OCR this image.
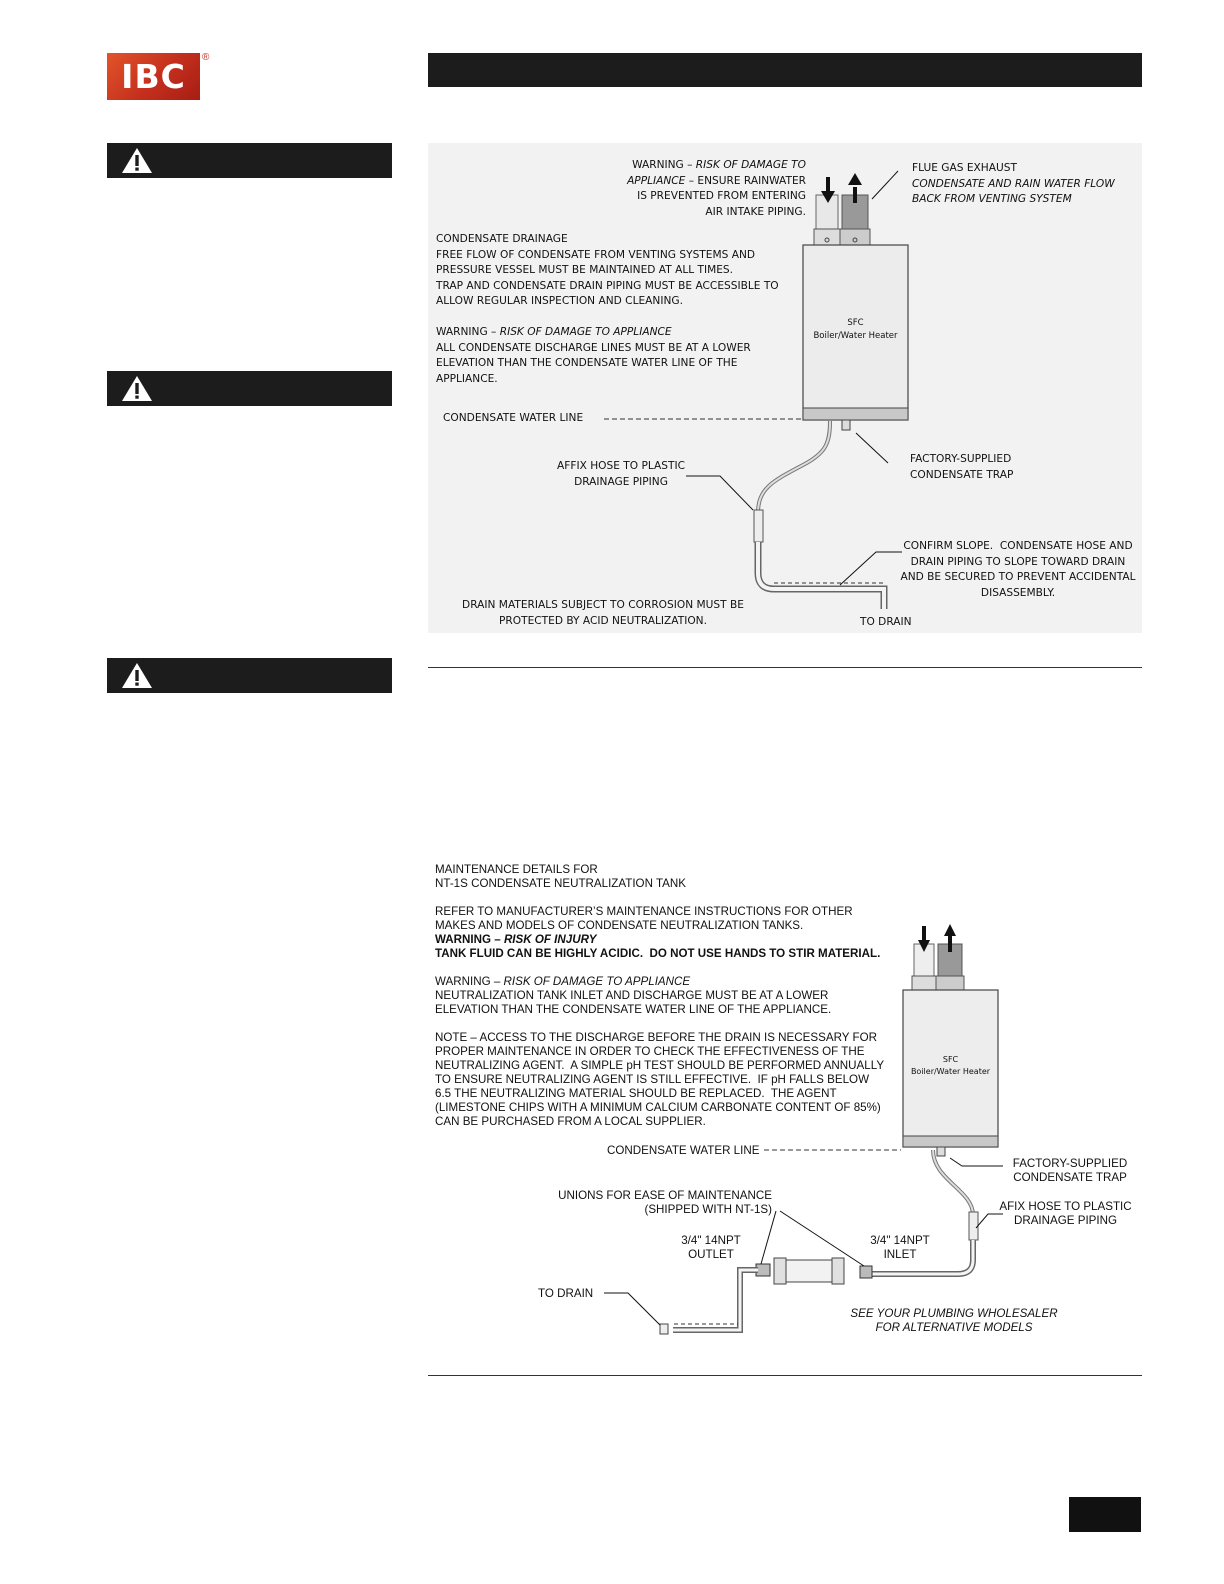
IBC ®
WARNING – RISK OF DAMAGE TO
APPLIANCE – ENSURE RAINWATER
IS PREVENTED FROM ENTERING
AIR INTAKE PIPING.
FLUE GAS EXHAUST
CONDENSATE AND RAIN WATER FLOW
BACK FROM VENTING SYSTEM
CONDENSATE DRAINAGE
FREE FLOW OF CONDENSATE FROM VENTING SYSTEMS AND
PRESSURE VESSEL MUST BE MAINTAINED AT ALL TIMES.
TRAP AND CONDENSATE DRAIN PIPING MUST BE ACCESSIBLE TO
ALLOW REGULAR INSPECTION AND CLEANING.
WARNING – RISK OF DAMAGE TO APPLIANCE
ALL CONDENSATE DISCHARGE LINES MUST BE AT A LOWER
ELEVATION THAN THE CONDENSATE WATER LINE OF THE
APPLIANCE.
SFC
Boiler/Water Heater
CONDENSATE WATER LINE
FACTORY-SUPPLIED
CONDENSATE TRAP
AFFIX HOSE TO PLASTIC
DRAINAGE PIPING
CONFIRM SLOPE.  CONDENSATE HOSE AND
DRAIN PIPING TO SLOPE TOWARD DRAIN
AND BE SECURED TO PREVENT ACCIDENTAL
DISASSEMBLY.
DRAIN MATERIALS SUBJECT TO CORROSION MUST BE
PROTECTED BY ACID NEUTRALIZATION.	TO DRAIN
MAINTENANCE DETAILS FOR
NT-1S CONDENSATE NEUTRALIZATION TANK
REFER TO MANUFACTURER’S MAINTENANCE INSTRUCTIONS FOR OTHER
MAKES AND MODELS OF CONDENSATE NEUTRALIZATION TANKS.
WARNING – RISK OF INJURY
TANK FLUID CAN BE HIGHLY ACIDIC.  DO NOT USE HANDS TO STIR MATERIAL.
WARNING – RISK OF DAMAGE TO APPLIANCE
NEUTRALIZATION TANK INLET AND DISCHARGE MUST BE AT A LOWER
ELEVATION THAN THE CONDENSATE WATER LINE OF THE APPLIANCE.
NOTE – ACCESS TO THE DISCHARGE BEFORE THE DRAIN IS NECESSARY FOR
PROPER MAINTENANCE IN ORDER TO CHECK THE EFFECTIVENESS OF THE
NEUTRALIZING AGENT.  A SIMPLE pH TEST SHOULD BE PERFORMED ANNUALLY
TO ENSURE NEUTRALIZING AGENT IS STILL EFFECTIVE.  IF pH FALLS BELOW
6.5 THE NEUTRALIZING MATERIAL SHOULD BE REPLACED.  THE AGENT
(LIMESTONE CHIPS WITH A MINIMUM CALCIUM CARBONATE CONTENT OF 85%)
CAN BE PURCHASED FROM A LOCAL SUPPLIER.
SFC
Boiler/Water Heater
CONDENSATE WATER LINE
FACTORY-SUPPLIED
CONDENSATE TRAP
UNIONS FOR EASE OF MAINTENANCE
(SHIPPED WITH NT-1S)	AFIX HOSE TO PLASTIC
DRAINAGE PIPING
3/4" 14NPT
OUTLET
3/4" 14NPT
INLET
TO DRAIN
SEE YOUR PLUMBING WHOLESALER
FOR ALTERNATIVE MODELS
